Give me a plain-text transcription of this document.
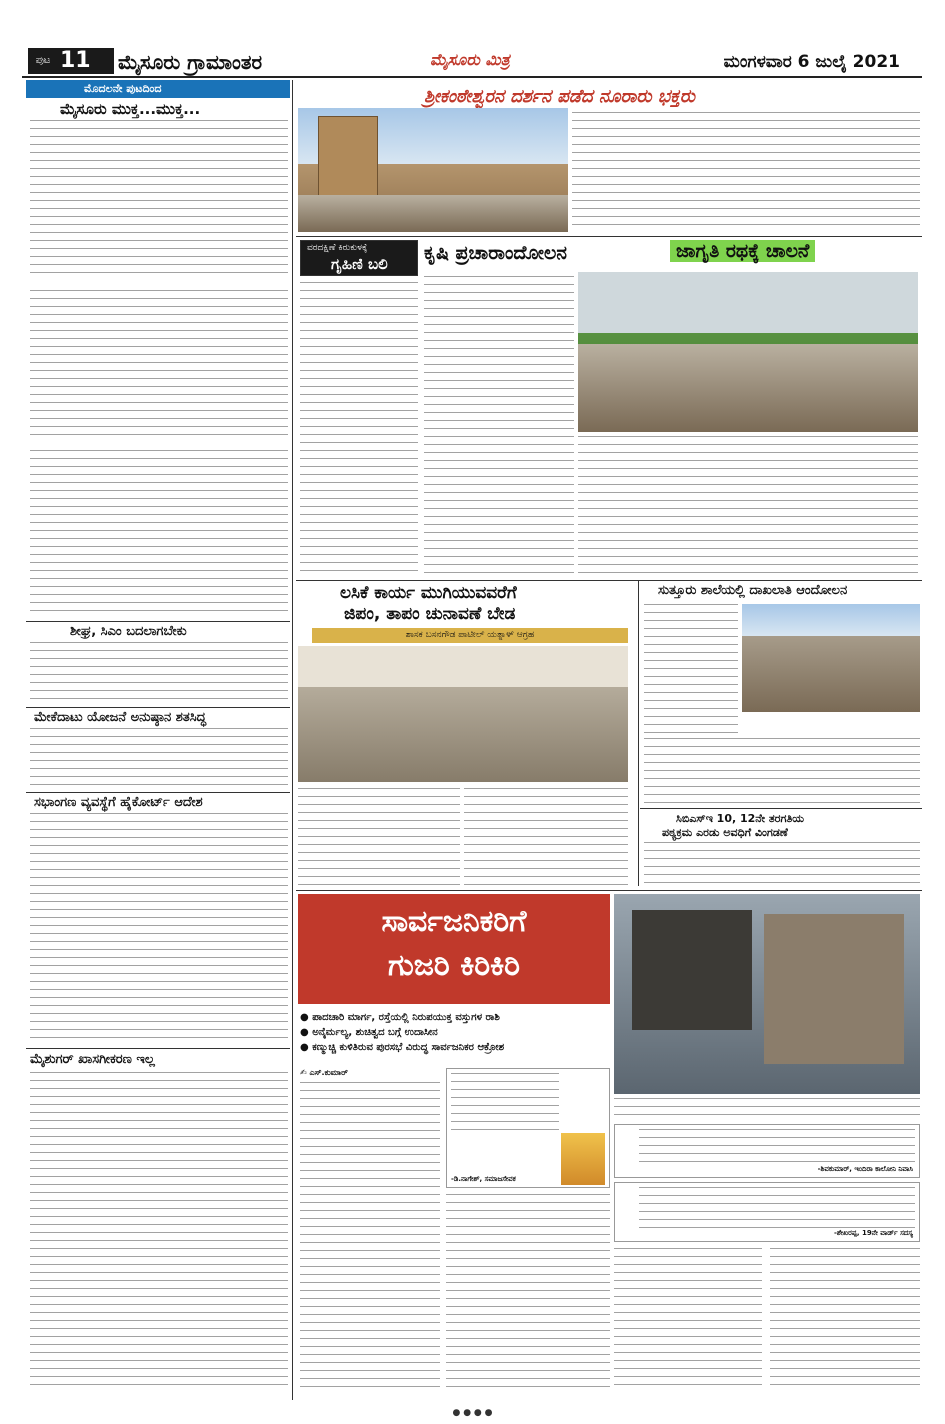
ಪುಟ 11	ಮೈಸೂರು ಗ್ರಾಮಾಂತರ	ಮೈಸೂರು ಮಿತ್ರ	ಮಂಗಳವಾರ 6 ಜುಲೈ 2021
ಮೊದಲನೇ ಪುಟದಿಂದ
ಮೈಸೂರು ಮುಕ್ತ...ಮುಕ್ತ...
ಶೀಘ್ರ, ಸಿಎಂ ಬದಲಾಗಬೇಕು
ಮೇಕೆದಾಟು ಯೋಜನೆ ಅನುಷ್ಠಾನ ಶತಸಿದ್ಧ
ಸಭಾಂಗಣ ವ್ಯವಸ್ಥೆಗೆ ಹೈಕೋರ್ಟ್ ಆದೇಶ
ಮೈಶುಗರ್ ಖಾಸಗೀಕರಣ ಇಲ್ಲ
ಶ್ರೀಕಂಠೇಶ್ವರನ ದರ್ಶನ ಪಡೆದ ನೂರಾರು ಭಕ್ತರು
ವರದಕ್ಷಿಣೆ ಕಿರುಕುಳಕ್ಕೆ
ಗೃಹಿಣಿ ಬಲಿ ಕೃಷಿ ಪ್ರಚಾರಾಂದೋಲನ	ಜಾಗೃತಿ ರಥಕ್ಕೆ ಚಾಲನೆ
ಲಸಿಕೆ ಕಾರ್ಯ ಮುಗಿಯುವವರೆಗೆ
ಜಿಪಂ, ತಾಪಂ ಚುನಾವಣೆ ಬೇಡ
ಶಾಸಕ ಬಸನಗೌಡ ಪಾಟೀಲ್ ಯತ್ನಾಳ್ ಆಗ್ರಹ
ಸುತ್ತೂರು ಶಾಲೆಯಲ್ಲಿ ದಾಖಲಾತಿ ಆಂದೋಲನ
ಸಿಬಿಎಸ್‌ಇ 10, 12ನೇ ತರಗತಿಯ
ಪಠ್ಯಕ್ರಮ ಎರಡು ಅವಧಿಗೆ ವಿಂಗಡಣೆ
ಸಾರ್ವಜನಿಕರಿಗೆ
ಗುಜರಿ ಕಿರಿಕಿರಿ
● ಪಾದಚಾರಿ ಮಾರ್ಗ, ರಸ್ತೆಯಲ್ಲಿ ನಿರುಪಯುಕ್ತ ವಸ್ತುಗಳ ರಾಶಿ
● ಅನೈರ್ಮಲ್ಯ, ಶುಚಿತ್ವದ ಬಗ್ಗೆ ಉದಾಸೀನ
● ಕಣ್ಮುಚ್ಚಿ ಕುಳಿತಿರುವ ಪುರಸಭೆ ವಿರುದ್ಧ ಸಾರ್ವಜನಿಕರ ಆಕ್ರೋಶ
✍ ಎಸ್.ಕುಮಾರ್
-ಡಿ.ನಾಗೇಶ್, ಸಮಾಜಸೇವಕ
-ಶಿವಕುಮಾರ್, ಇಂದಿರಾ ಕಾಲೋನಿ ನಿವಾಸಿ
-ಶೇಖರಪ್ಪ, 19ನೇ ವಾರ್ಡ್ ಸದಸ್ಯ
● ● ● ●
